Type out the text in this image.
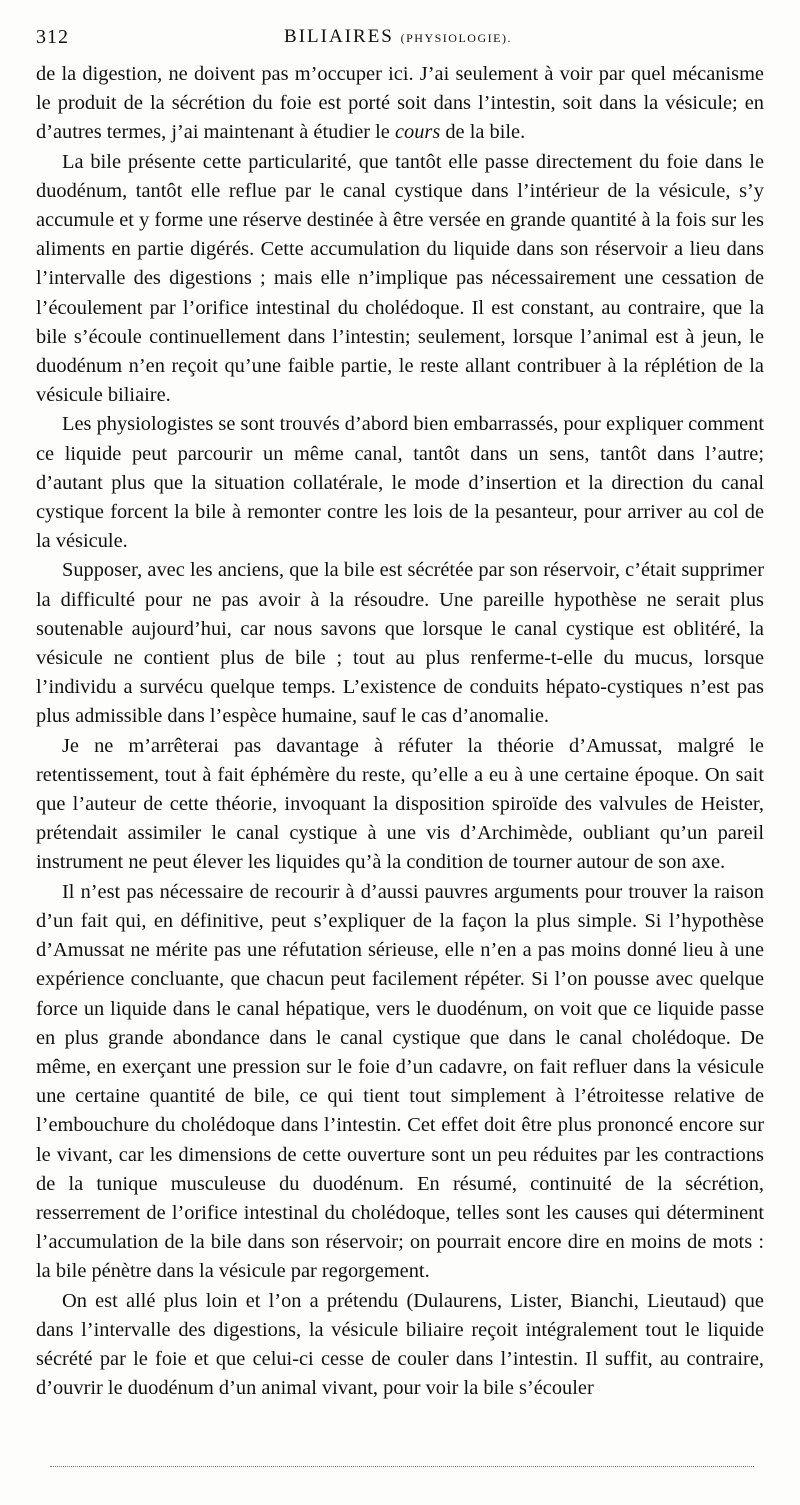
312	BILIAIRES (PHYSIOLOGIE).

de la digestion, ne doivent pas m’occuper ici. J’ai seulement à voir par quel mécanisme le produit de la sécrétion du foie est porté soit dans l’intestin, soit dans la vésicule; en d’autres termes, j’ai maintenant à étudier le cours de la bile.

La bile présente cette particularité, que tantôt elle passe directement du foie dans le duodénum, tantôt elle reflue par le canal cystique dans l’intérieur de la vésicule, s’y accumule et y forme une réserve destinée à être versée en grande quantité à la fois sur les aliments en partie digérés. Cette accumulation du liquide dans son réservoir a lieu dans l’intervalle des digestions ; mais elle n’implique pas nécessairement une cessation de l’écoulement par l’orifice intestinal du cholédoque. Il est constant, au contraire, que la bile s’écoule continuellement dans l’intestin; seulement, lorsque l’animal est à jeun, le duodénum n’en reçoit qu’une faible partie, le reste allant contribuer à la réplétion de la vésicule biliaire.

Les physiologistes se sont trouvés d’abord bien embarrassés, pour expliquer comment ce liquide peut parcourir un même canal, tantôt dans un sens, tantôt dans l’autre; d’autant plus que la situation collatérale, le mode d’insertion et la direction du canal cystique forcent la bile à remonter contre les lois de la pesanteur, pour arriver au col de la vésicule.

Supposer, avec les anciens, que la bile est sécrétée par son réservoir, c’était supprimer la difficulté pour ne pas avoir à la résoudre. Une pareille hypothèse ne serait plus soutenable aujourd’hui, car nous savons que lorsque le canal cystique est oblitéré, la vésicule ne contient plus de bile ; tout au plus renferme-t-elle du mucus, lorsque l’individu a survécu quelque temps. L’existence de conduits hépato-cystiques n’est pas plus admissible dans l’espèce humaine, sauf le cas d’anomalie.

Je ne m’arrêterai pas davantage à réfuter la théorie d’Amussat, malgré le retentissement, tout à fait éphémère du reste, qu’elle a eu à une certaine époque. On sait que l’auteur de cette théorie, invoquant la disposition spiroïde des valvules de Heister, prétendait assimiler le canal cystique à une vis d’Archimède, oubliant qu’un pareil instrument ne peut élever les liquides qu’à la condition de tourner autour de son axe.

Il n’est pas nécessaire de recourir à d’aussi pauvres arguments pour trouver la raison d’un fait qui, en définitive, peut s’expliquer de la façon la plus simple. Si l’hypothèse d’Amussat ne mérite pas une réfutation sérieuse, elle n’en a pas moins donné lieu à une expérience concluante, que chacun peut facilement répéter. Si l’on pousse avec quelque force un liquide dans le canal hépatique, vers le duodénum, on voit que ce liquide passe en plus grande abondance dans le canal cystique que dans le canal cholédoque. De même, en exerçant une pression sur le foie d’un cadavre, on fait refluer dans la vésicule une certaine quantité de bile, ce qui tient tout simplement à l’étroitesse relative de l’embouchure du cholédoque dans l’intestin. Cet effet doit être plus prononcé encore sur le vivant, car les dimensions de cette ouverture sont un peu réduites par les contractions de la tunique musculeuse du duodénum. En résumé, continuité de la sécrétion, resserrement de l’orifice intestinal du cholédoque, telles sont les causes qui déterminent l’accumulation de la bile dans son réservoir; on pourrait encore dire en moins de mots : la bile pénètre dans la vésicule par regorgement.

On est allé plus loin et l’on a prétendu (Dulaurens, Lister, Bianchi, Lieutaud) que dans l’intervalle des digestions, la vésicule biliaire reçoit intégralement tout le liquide sécrété par le foie et que celui-ci cesse de couler dans l’intestin. Il suffit, au contraire, d’ouvrir le duodénum d’un animal vivant, pour voir la bile s’écouler
